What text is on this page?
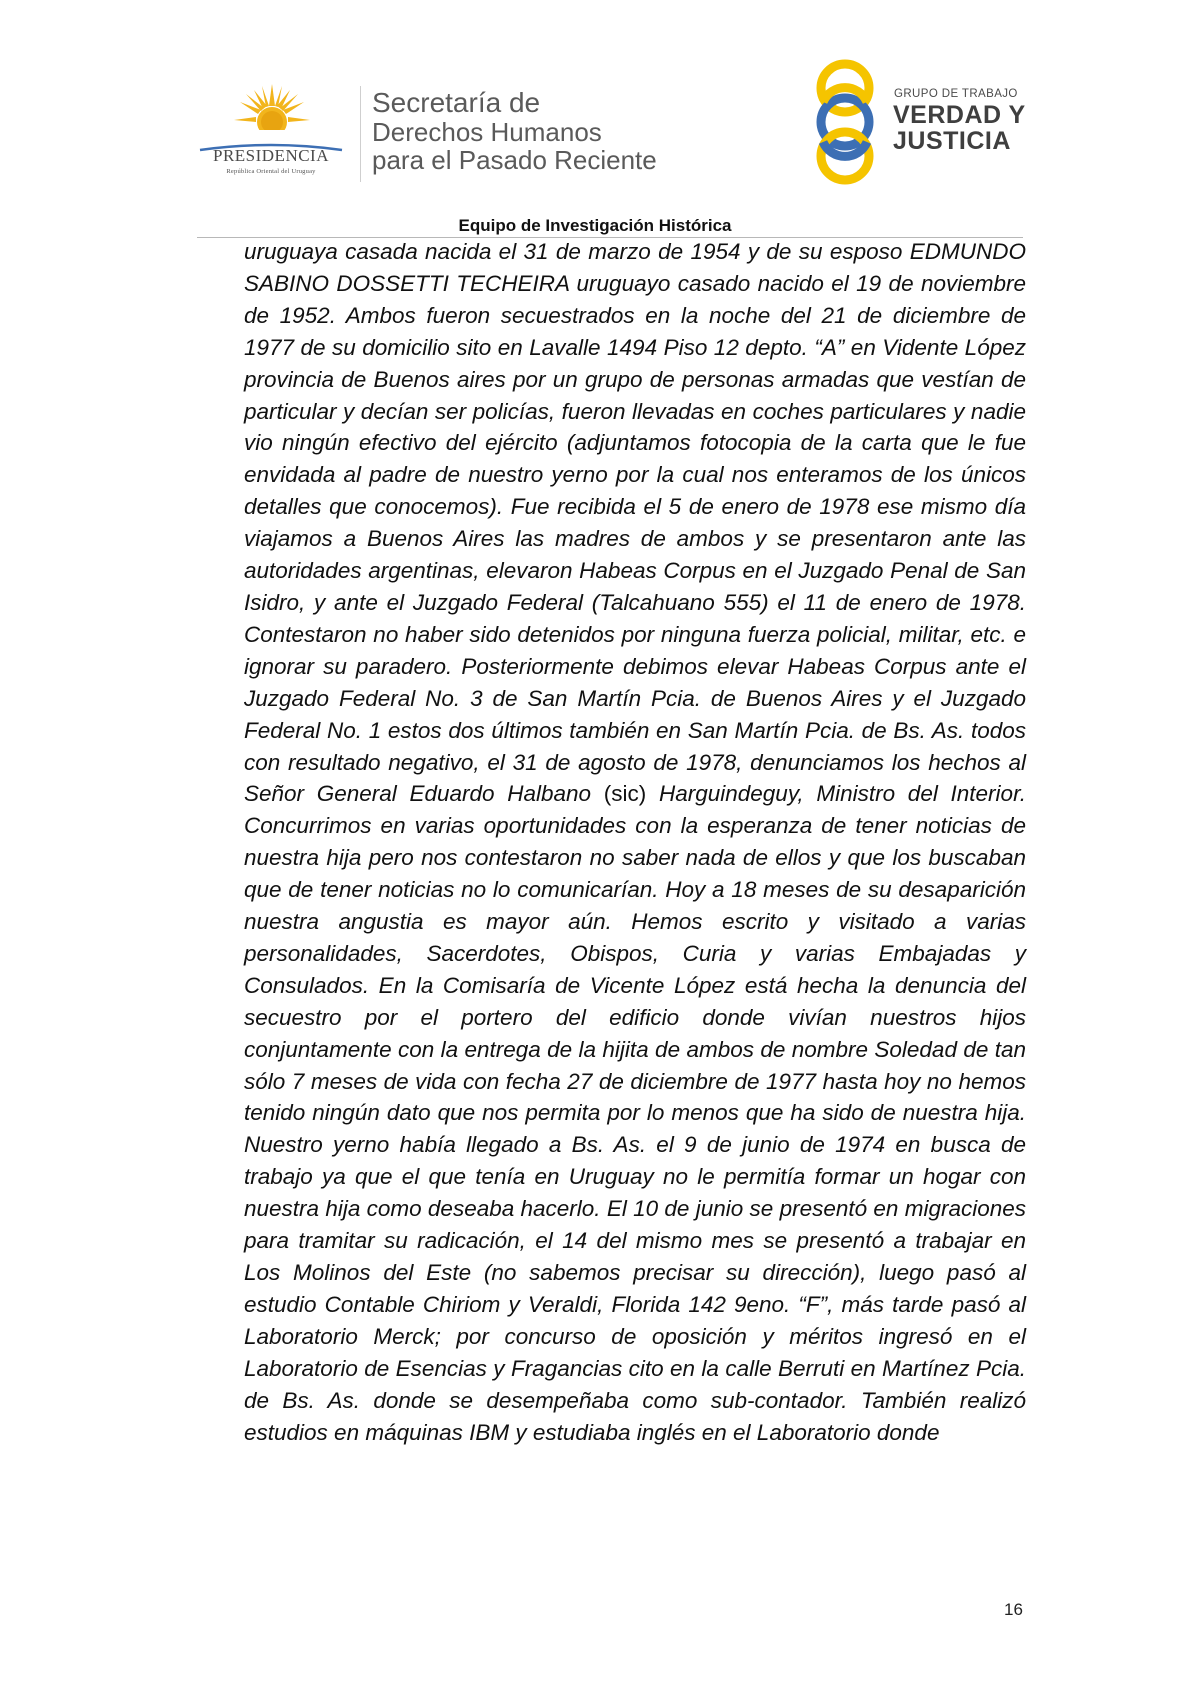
PRESIDENCIA
República Oriental del Uruguay
Secretaría de
Derechos Humanos
para el Pasado Reciente
GRUPO DE TRABAJO
VERDAD Y
JUSTICIA
Equipo de Investigación Histórica

uruguaya casada nacida el 31 de marzo de 1954 y de su esposo EDMUNDO SABINO DOSSETTI TECHEIRA uruguayo casado nacido el 19 de noviembre de 1952. Ambos fueron secuestrados en la noche del 21 de diciembre de 1977 de su domicilio sito en Lavalle 1494 Piso 12 depto. “A” en Vidente López provincia de Buenos aires por un grupo de personas armadas que vestían de particular y decían ser policías, fueron llevadas en coches particulares y nadie vio ningún efectivo del ejército (adjuntamos fotocopia de la carta que le fue envidada al padre de nuestro yerno por la cual nos enteramos de los únicos detalles que conocemos). Fue recibida el 5 de enero de 1978 ese mismo día viajamos a Buenos Aires las madres de ambos y se presentaron ante las autoridades argentinas, elevaron Habeas Corpus en el Juzgado Penal de San Isidro, y ante el Juzgado Federal (Talcahuano 555) el 11 de enero de 1978. Contestaron no haber sido detenidos por ninguna fuerza policial, militar, etc. e ignorar su paradero. Posteriormente debimos elevar Habeas Corpus ante el Juzgado Federal No. 3 de San Martín Pcia. de Buenos Aires y el Juzgado Federal No. 1 estos dos últimos también en San Martín Pcia. de Bs. As. todos con resultado negativo, el 31 de agosto de 1978, denunciamos los hechos al Señor General Eduardo Halbano (sic) Harguindeguy, Ministro del Interior. Concurrimos en varias oportunidades con la esperanza de tener noticias de nuestra hija pero nos contestaron no saber nada de ellos y que los buscaban que de tener noticias no lo comunicarían. Hoy a 18 meses de su desaparición nuestra angustia es mayor aún. Hemos escrito y visitado a varias personalidades, Sacerdotes, Obispos, Curia y varias Embajadas y Consulados. En la Comisaría de Vicente López está hecha la denuncia del secuestro por el portero del edificio donde vivían nuestros hijos conjuntamente con la entrega de la hijita de ambos de nombre Soledad de tan sólo 7 meses de vida con fecha 27 de diciembre de 1977 hasta hoy no hemos tenido ningún dato que nos permita por lo menos que ha sido de nuestra hija. Nuestro yerno había llegado a Bs. As. el 9 de junio de 1974 en busca de trabajo ya que el que tenía en Uruguay no le permitía formar un hogar con nuestra hija como deseaba hacerlo. El 10 de junio se presentó en migraciones para tramitar su radicación, el 14 del mismo mes se presentó a trabajar en Los Molinos del Este (no sabemos precisar su dirección), luego pasó al estudio Contable Chiriom y Veraldi, Florida 142 9eno. “F”, más tarde pasó al Laboratorio Merck; por concurso de oposición y méritos ingresó en el Laboratorio de Esencias y Fragancias cito en la calle Berruti en Martínez Pcia. de Bs. As. donde se desempeñaba como sub-contador. También realizó estudios en máquinas IBM y estudiaba inglés en el Laboratorio donde

16
